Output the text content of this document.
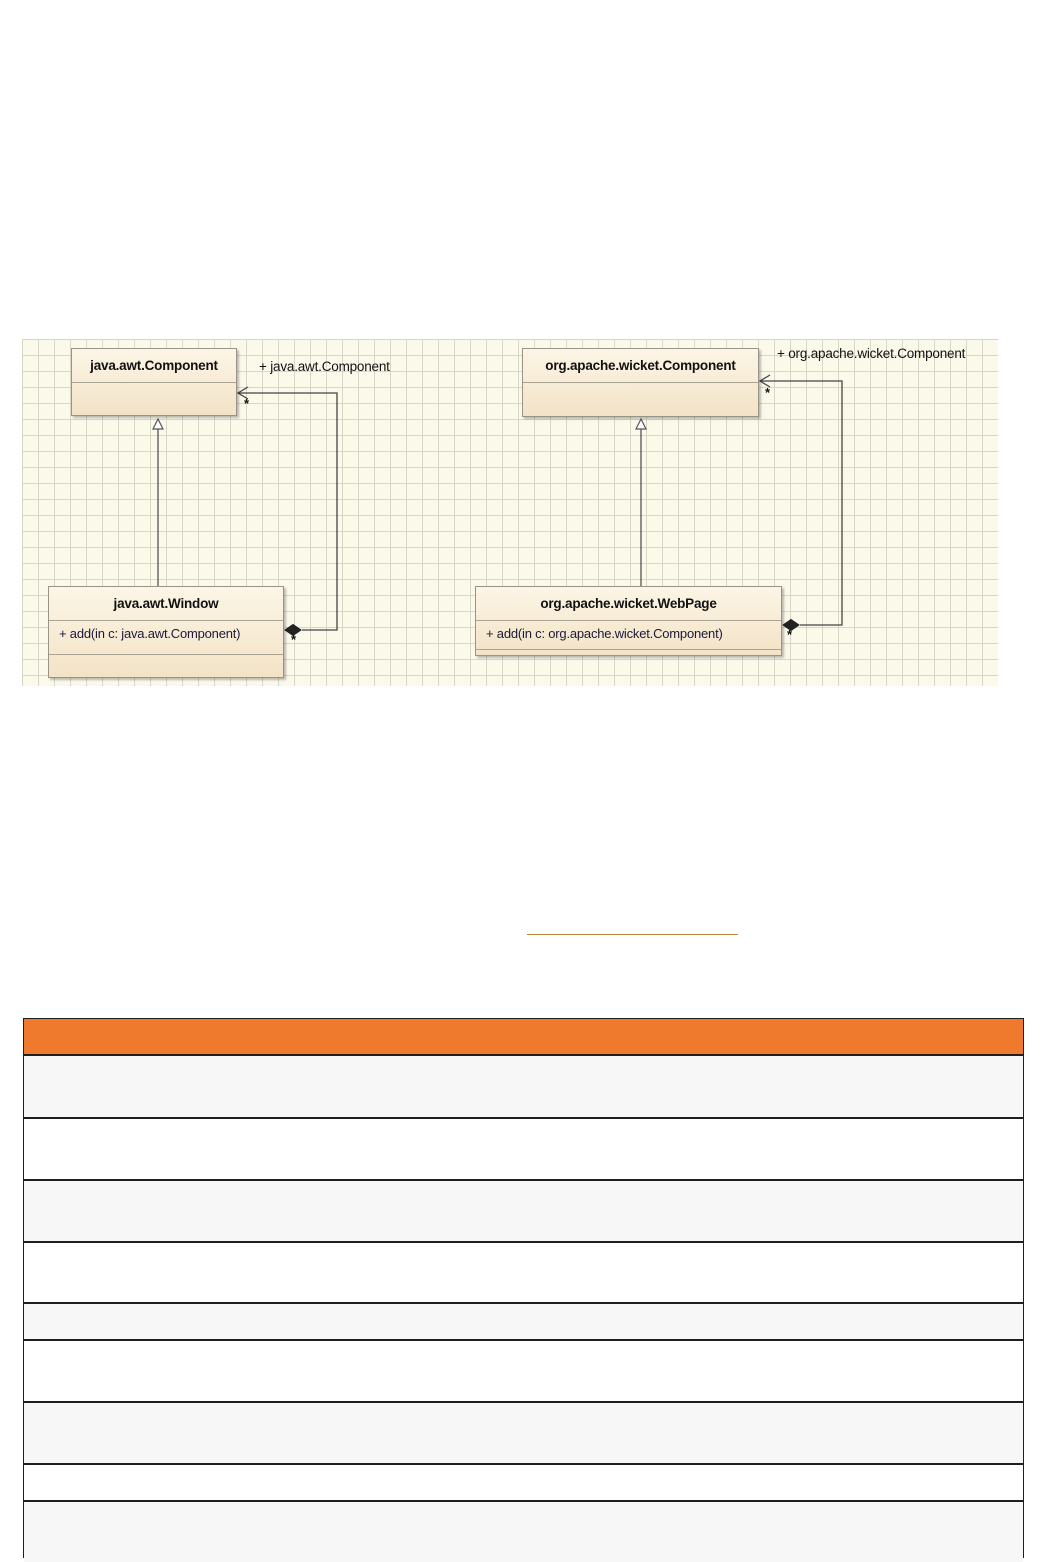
java.awt.Component
java.awt.Window
+ add(in c: java.awt.Component)
+ java.awt.Component
*
*
org.apache.wicket.Component
org.apache.wicket.WebPage
+ add(in c: org.apache.wicket.Component)
+ org.apache.wicket.Component
*
*
